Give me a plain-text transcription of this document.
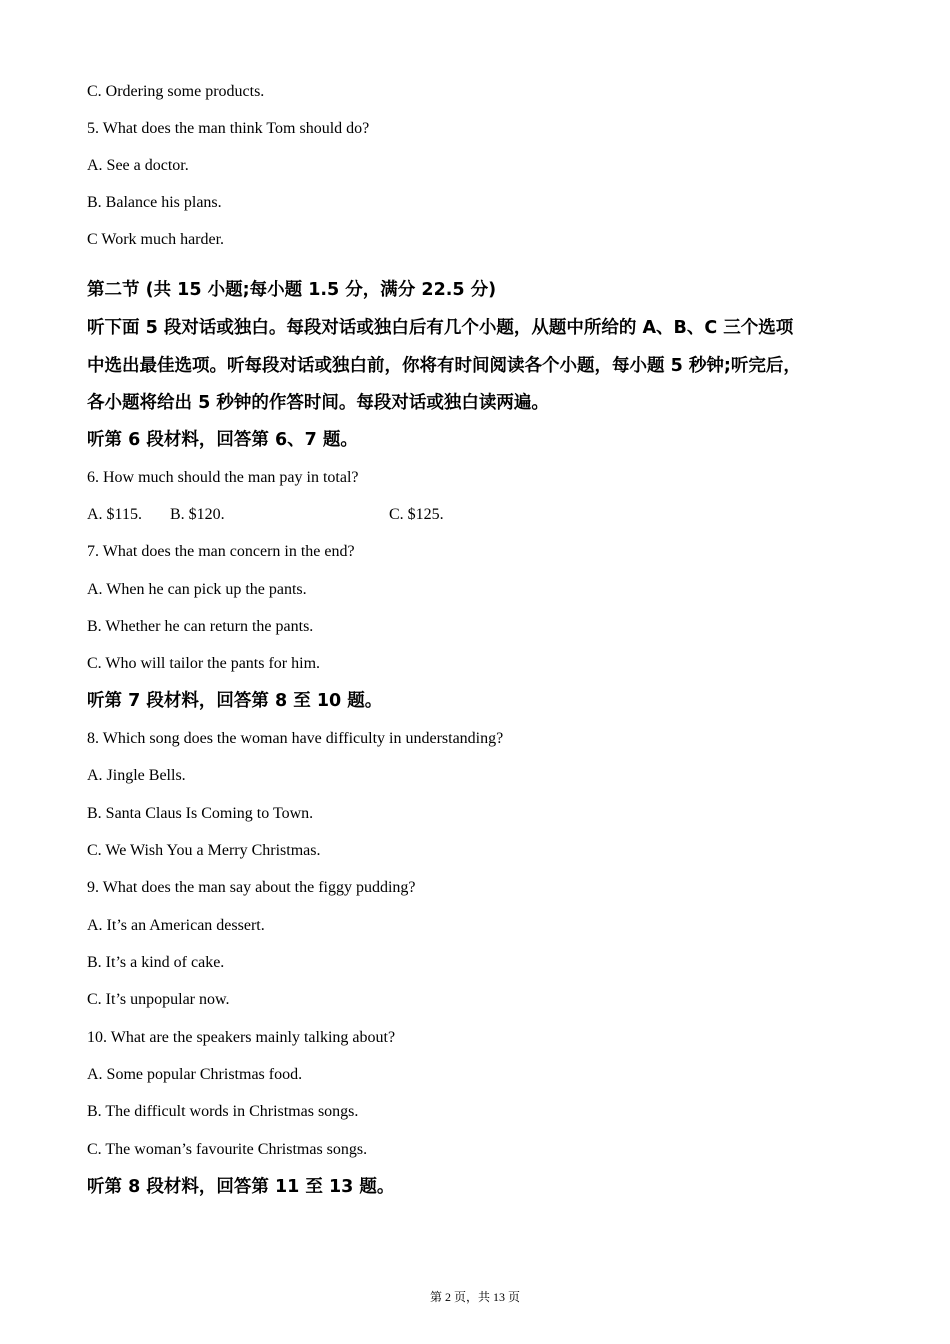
C. Ordering some products.
5. What does the man think Tom should do?
A. See a doctor.
B. Balance his plans.
C Work much harder.
第二节 (共 15 小题;每小题 1.5 分，满分 22.5 分)
听下面 5 段对话或独白。每段对话或独白后有几个小题，从题中所给的 A、B、C 三个选项
中选出最佳选项。听每段对话或独白前，你将有时间阅读各个小题，每小题 5 秒钟;听完后，
各小题将给出 5 秒钟的作答时间。每段对话或独白读两遍。
听第 6 段材料，回答第 6、7 题。
6. How much should the man pay in total?
A. $115. B. $120.	C. $125.
7. What does the man concern in the end?
A. When he can pick up the pants.
B. Whether he can return the pants.
C. Who will tailor the pants for him.
听第 7 段材料，回答第 8 至 10 题。
8. Which song does the woman have difficulty in understanding?
A. Jingle Bells.
B. Santa Claus Is Coming to Town.
C. We Wish You a Merry Christmas.
9. What does the man say about the figgy pudding?
A. It’s an American dessert.
B. It’s a kind of cake.
C. It’s unpopular now.
10. What are the speakers mainly talking about?
A. Some popular Christmas food.
B. The difficult words in Christmas songs.
C. The woman’s favourite Christmas songs.
听第 8 段材料，回答第 11 至 13 题。
第 2 页，共 13 页
